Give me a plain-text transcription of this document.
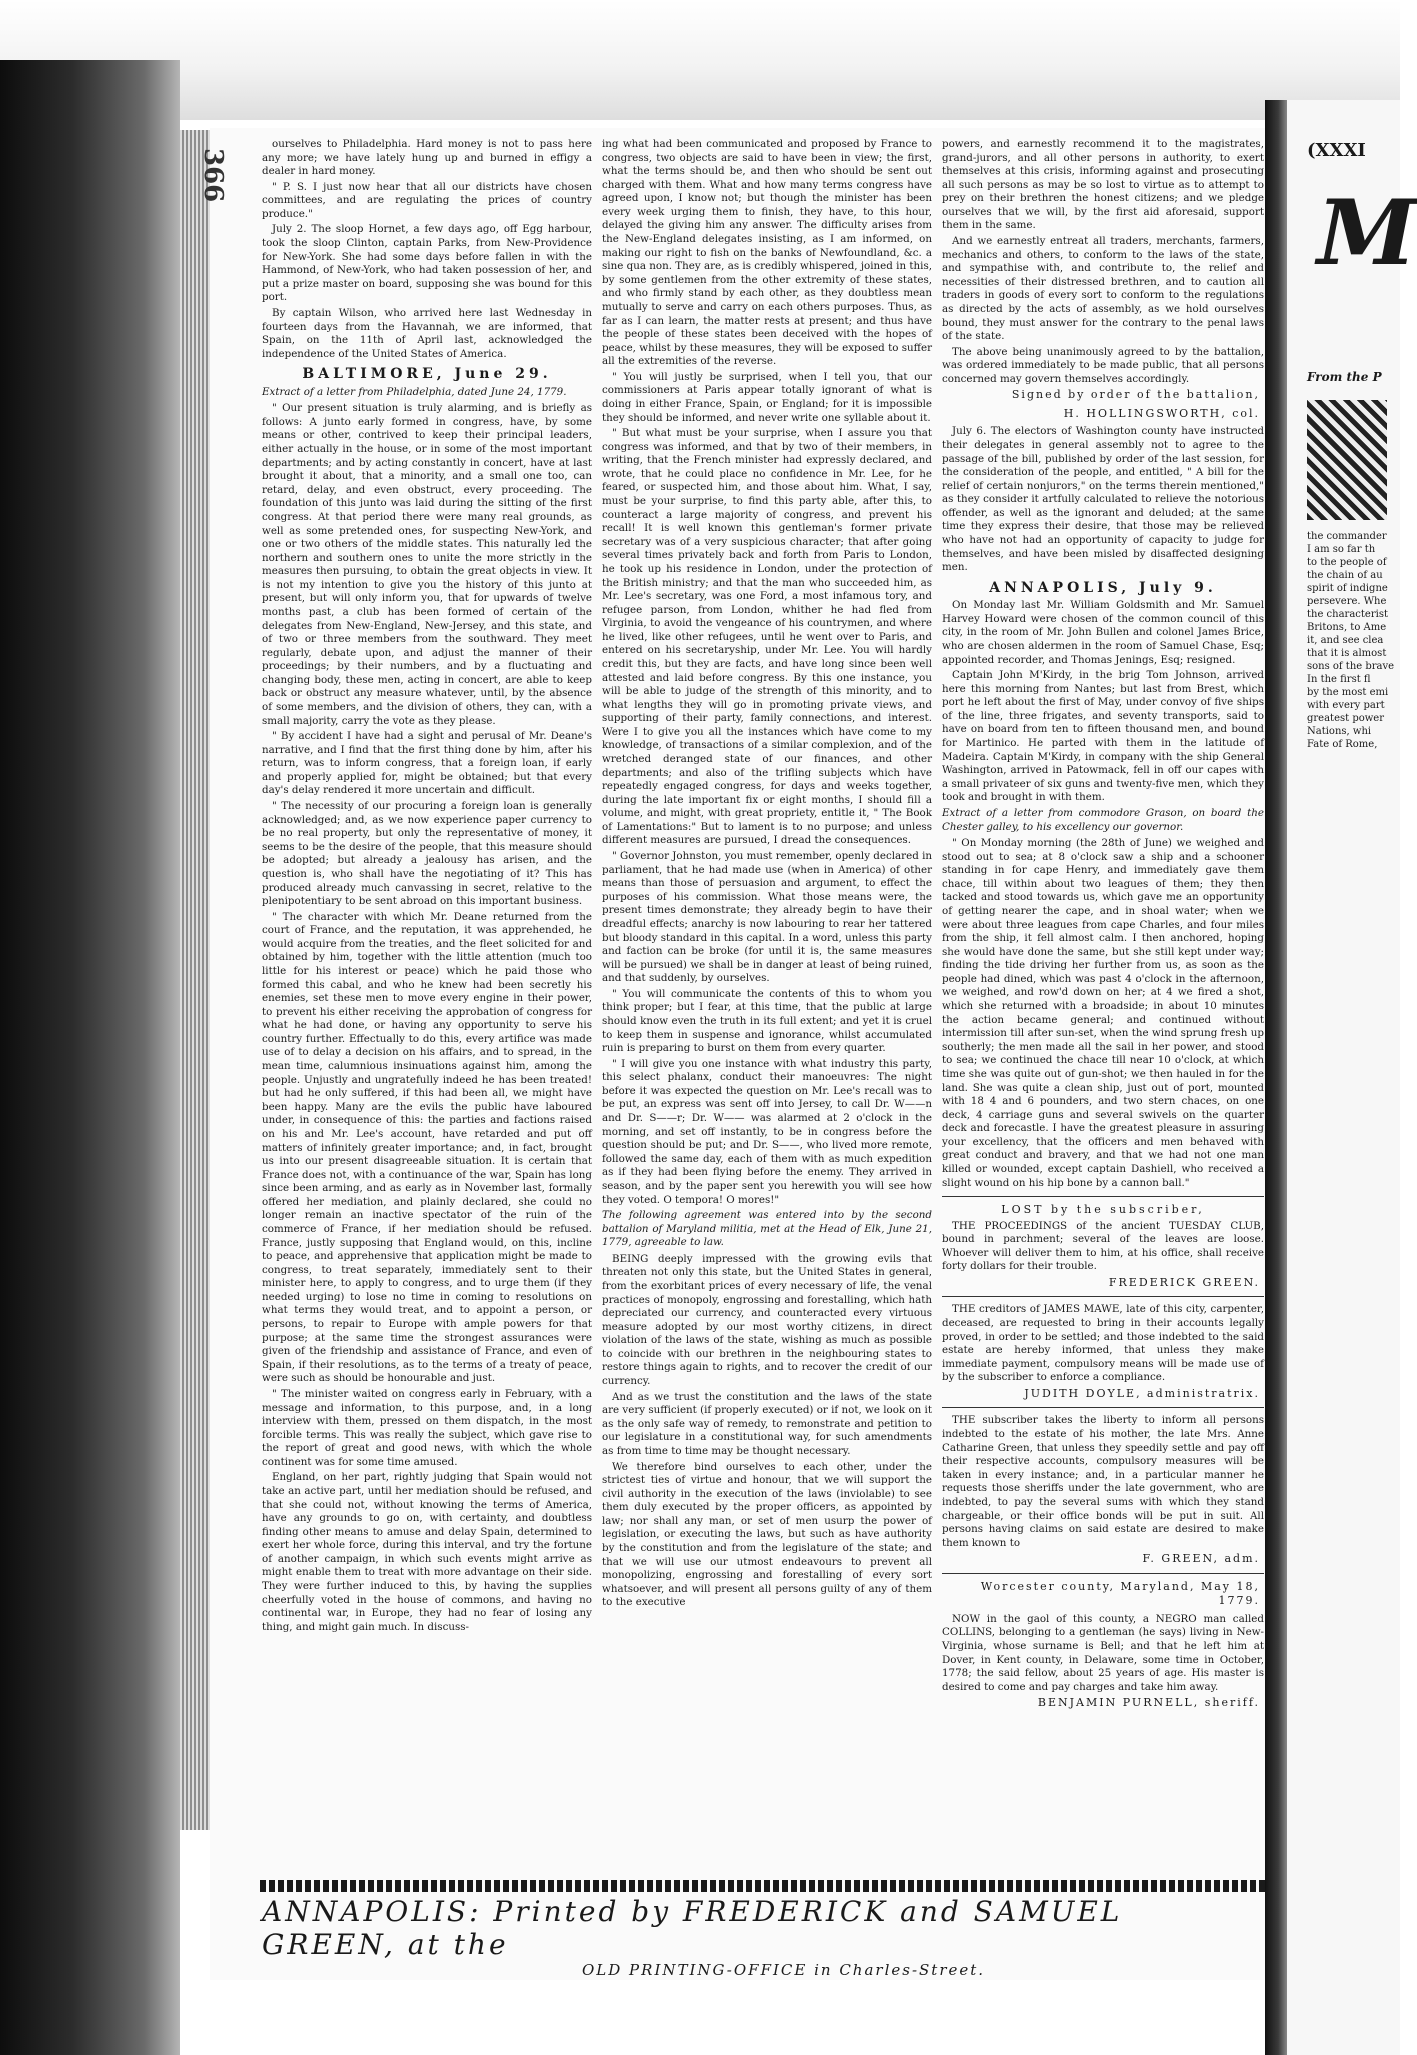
366

ourselves to Philadelphia. Hard money is not to pass here any more; we have lately hung up and burned in effigy a dealer in hard money.

" P. S. I just now hear that all our districts have chosen committees, and are regulating the prices of country produce."

July 2. The sloop Hornet, a few days ago, off Egg harbour, took the sloop Clinton, captain Parks, from New-Providence for New-York. She had some days before fallen in with the Hammond, of New-York, who had taken possession of her, and put a prize master on board, supposing she was bound for this port.

By captain Wilson, who arrived here last Wednesday in fourteen days from the Havannah, we are informed, that Spain, on the 11th of April last, acknowledged the independence of the United States of America.

BALTIMORE, June 29.
Extract of a letter from Philadelphia, dated June 24, 1779.

" Our present situation is truly alarming, and is briefly as follows: A junto early formed in congress, have, by some means or other, contrived to keep their principal leaders, either actually in the house, or in some of the most important departments; and by acting constantly in concert, have at last brought it about, that a minority, and a small one too, can retard, delay, and even obstruct, every proceeding. The foundation of this junto was laid during the sitting of the first congress. At that period there were many real grounds, as well as some pretended ones, for suspecting New-York, and one or two others of the middle states. This naturally led the northern and southern ones to unite the more strictly in the measures then pursuing, to obtain the great objects in view. It is not my intention to give you the history of this junto at present, but will only inform you, that for upwards of twelve months past, a club has been formed of certain of the delegates from New-England, New-Jersey, and this state, and of two or three members from the southward. They meet regularly, debate upon, and adjust the manner of their proceedings; by their numbers, and by a fluctuating and changing body, these men, acting in concert, are able to keep back or obstruct any measure whatever, until, by the absence of some members, and the division of others, they can, with a small majority, carry the vote as they please.

" By accident I have had a sight and perusal of Mr. Deane's narrative, and I find that the first thing done by him, after his return, was to inform congress, that a foreign loan, if early and properly applied for, might be obtained; but that every day's delay rendered it more uncertain and difficult.

" The necessity of our procuring a foreign loan is generally acknowledged; and, as we now experience paper currency to be no real property, but only the representative of money, it seems to be the desire of the people, that this measure should be adopted; but already a jealousy has arisen, and the question is, who shall have the negotiating of it? This has produced already much canvassing in secret, relative to the plenipotentiary to be sent abroad on this important business.

" The character with which Mr. Deane returned from the court of France, and the reputation, it was apprehended, he would acquire from the treaties, and the fleet solicited for and obtained by him, together with the little attention (much too little for his interest or peace) which he paid those who formed this cabal, and who he knew had been secretly his enemies, set these men to move every engine in their power, to prevent his either receiving the approbation of congress for what he had done, or having any opportunity to serve his country further. Effectually to do this, every artifice was made use of to delay a decision on his affairs, and to spread, in the mean time, calumnious insinuations against him, among the people. Unjustly and ungratefully indeed he has been treated! but had he only suffered, if this had been all, we might have been happy. Many are the evils the public have laboured under, in consequence of this: the parties and factions raised on his and Mr. Lee's account, have retarded and put off matters of infinitely greater importance; and, in fact, brought us into our present disagreeable situation. It is certain that France does not, with a continuance of the war, Spain has long since been arming, and as early as in November last, formally offered her mediation, and plainly declared, she could no longer remain an inactive spectator of the ruin of the commerce of France, if her mediation should be refused. France, justly supposing that England would, on this, incline to peace, and apprehensive that application might be made to congress, to treat separately, immediately sent to their minister here, to apply to congress, and to urge them (if they needed urging) to lose no time in coming to resolutions on what terms they would treat, and to appoint a person, or persons, to repair to Europe with ample powers for that purpose; at the same time the strongest assurances were given of the friendship and assistance of France, and even of Spain, if their resolutions, as to the terms of a treaty of peace, were such as should be honourable and just.

" The minister waited on congress early in February, with a message and information, to this purpose, and, in a long interview with them, pressed on them dispatch, in the most forcible terms. This was really the subject, which gave rise to the report of great and good news, with which the whole continent was for some time amused.

England, on her part, rightly judging that Spain would not take an active part, until her mediation should be refused, and that she could not, without knowing the terms of America, have any grounds to go on, with certainty, and doubtless finding other means to amuse and delay Spain, determined to exert her whole force, during this interval, and try the fortune of another campaign, in which such events might arrive as might enable them to treat with more advantage on their side. They were further induced to this, by having the supplies cheerfully voted in the house of commons, and having no continental war, in Europe, they had no fear of losing any thing, and might gain much. In discuss-

ing what had been communicated and proposed by France to congress, two objects are said to have been in view; the first, what the terms should be, and then who should be sent out charged with them. What and how many terms congress have agreed upon, I know not; but though the minister has been every week urging them to finish, they have, to this hour, delayed the giving him any answer. The difficulty arises from the New-England delegates insisting, as I am informed, on making our right to fish on the banks of Newfoundland, &c. a sine qua non. They are, as is credibly whispered, joined in this, by some gentlemen from the other extremity of these states, and who firmly stand by each other, as they doubtless mean mutually to serve and carry on each others purposes. Thus, as far as I can learn, the matter rests at present; and thus have the people of these states been deceived with the hopes of peace, whilst by these measures, they will be exposed to suffer all the extremities of the reverse.

" You will justly be surprised, when I tell you, that our commissioners at Paris appear totally ignorant of what is doing in either France, Spain, or England; for it is impossible they should be informed, and never write one syllable about it.

" But what must be your surprise, when I assure you that congress was informed, and that by two of their members, in writing, that the French minister had expressly declared, and wrote, that he could place no confidence in Mr. Lee, for he feared, or suspected him, and those about him. What, I say, must be your surprise, to find this party able, after this, to counteract a large majority of congress, and prevent his recall! It is well known this gentleman's former private secretary was of a very suspicious character; that after going several times privately back and forth from Paris to London, he took up his residence in London, under the protection of the British ministry; and that the man who succeeded him, as Mr. Lee's secretary, was one Ford, a most infamous tory, and refugee parson, from London, whither he had fled from Virginia, to avoid the vengeance of his countrymen, and where he lived, like other refugees, until he went over to Paris, and entered on his secretaryship, under Mr. Lee. You will hardly credit this, but they are facts, and have long since been well attested and laid before congress. By this one instance, you will be able to judge of the strength of this minority, and to what lengths they will go in promoting private views, and supporting of their party, family connections, and interest. Were I to give you all the instances which have come to my knowledge, of transactions of a similar complexion, and of the wretched deranged state of our finances, and other departments; and also of the trifling subjects which have repeatedly engaged congress, for days and weeks together, during the late important fix or eight months, I should fill a volume, and might, with great propriety, entitle it, " The Book of Lamentations:" But to lament is to no purpose; and unless different measures are pursued, I dread the consequences.

" Governor Johnston, you must remember, openly declared in parliament, that he had made use (when in America) of other means than those of persuasion and argument, to effect the purposes of his commission. What those means were, the present times demonstrate; they already begin to have their dreadful effects; anarchy is now labouring to rear her tattered but bloody standard in this capital. In a word, unless this party and faction can be broke (for until it is, the same measures will be pursued) we shall be in danger at least of being ruined, and that suddenly, by ourselves.

" You will communicate the contents of this to whom you think proper; but I fear, at this time, that the public at large should know even the truth in its full extent; and yet it is cruel to keep them in suspense and ignorance, whilst accumulated ruin is preparing to burst on them from every quarter.

" I will give you one instance with what industry this party, this select phalanx, conduct their manoeuvres: The night before it was expected the question on Mr. Lee's recall was to be put, an express was sent off into Jersey, to call Dr. W——n and Dr. S——r; Dr. W—— was alarmed at 2 o'clock in the morning, and set off instantly, to be in congress before the question should be put; and Dr. S——, who lived more remote, followed the same day, each of them with as much expedition as if they had been flying before the enemy. They arrived in season, and by the paper sent you herewith you will see how they voted. O tempora! O mores!"

The following agreement was entered into by the second battalion of Maryland militia, met at the Head of Elk, June 21, 1779, agreeable to law.

BEING deeply impressed with the growing evils that threaten not only this state, but the United States in general, from the exorbitant prices of every necessary of life, the venal practices of monopoly, engrossing and forestalling, which hath depreciated our currency, and counteracted every virtuous measure adopted by our most worthy citizens, in direct violation of the laws of the state, wishing as much as possible to coincide with our brethren in the neighbouring states to restore things again to rights, and to recover the credit of our currency.

And as we trust the constitution and the laws of the state are very sufficient (if properly executed) or if not, we look on it as the only safe way of remedy, to remonstrate and petition to our legislature in a constitutional way, for such amendments as from time to time may be thought necessary.

We therefore bind ourselves to each other, under the strictest ties of virtue and honour, that we will support the civil authority in the execution of the laws (inviolable) to see them duly executed by the proper officers, as appointed by law; nor shall any man, or set of men usurp the power of legislation, or executing the laws, but such as have authority by the constitution and from the legislature of the state; and that we will use our utmost endeavours to prevent all monopolizing, engrossing and forestalling of every sort whatsoever, and will present all persons guilty of any of them to the executive

powers, and earnestly recommend it to the magistrates, grand-jurors, and all other persons in authority, to exert themselves at this crisis, informing against and prosecuting all such persons as may be so lost to virtue as to attempt to prey on their brethren the honest citizens; and we pledge ourselves that we will, by the first aid aforesaid, support them in the same.

And we earnestly entreat all traders, merchants, farmers, mechanics and others, to conform to the laws of the state, and sympathise with, and contribute to, the relief and necessities of their distressed brethren, and to caution all traders in goods of every sort to conform to the regulations as directed by the acts of assembly, as we hold ourselves bound, they must answer for the contrary to the penal laws of the state.

The above being unanimously agreed to by the battalion, was ordered immediately to be made public, that all persons concerned may govern themselves accordingly.

Signed by order of the battalion,
H. HOLLINGSWORTH, col.

July 6. The electors of Washington county have instructed their delegates in general assembly not to agree to the passage of the bill, published by order of the last session, for the consideration of the people, and entitled, " A bill for the relief of certain nonjurors," on the terms therein mentioned," as they consider it artfully calculated to relieve the notorious offender, as well as the ignorant and deluded; at the same time they express their desire, that those may be relieved who have not had an opportunity of capacity to judge for themselves, and have been misled by disaffected designing men.

ANNAPOLIS, July 9.

On Monday last Mr. William Goldsmith and Mr. Samuel Harvey Howard were chosen of the common council of this city, in the room of Mr. John Bullen and colonel James Brice, who are chosen aldermen in the room of Samuel Chase, Esq; appointed recorder, and Thomas Jenings, Esq; resigned.

Captain John M'Kirdy, in the brig Tom Johnson, arrived here this morning from Nantes; but last from Brest, which port he left about the first of May, under convoy of five ships of the line, three frigates, and seventy transports, said to have on board from ten to fifteen thousand men, and bound for Martinico. He parted with them in the latitude of Madeira. Captain M'Kirdy, in company with the ship General Washington, arrived in Patowmack, fell in off our capes with a small privateer of six guns and twenty-five men, which they took and brought in with them.

Extract of a letter from commodore Grason, on board the Chester galley, to his excellency our governor.

" On Monday morning (the 28th of June) we weighed and stood out to sea; at 8 o'clock saw a ship and a schooner standing in for cape Henry, and immediately gave them chace, till within about two leagues of them; they then tacked and stood towards us, which gave me an opportunity of getting nearer the cape, and in shoal water; when we were about three leagues from cape Charles, and four miles from the ship, it fell almost calm. I then anchored, hoping she would have done the same, but she still kept under way; finding the tide driving her further from us, as soon as the people had dined, which was past 4 o'clock in the afternoon, we weighed, and row'd down on her; at 4 we fired a shot, which she returned with a broadside; in about 10 minutes the action became general; and continued without intermission till after sun-set, when the wind sprung fresh up southerly; the men made all the sail in her power, and stood to sea; we continued the chace till near 10 o'clock, at which time she was quite out of gun-shot; we then hauled in for the land. She was quite a clean ship, just out of port, mounted with 18 4 and 6 pounders, and two stern chaces, on one deck, 4 carriage guns and several swivels on the quarter deck and forecastle. I have the greatest pleasure in assuring your excellency, that the officers and men behaved with great conduct and bravery, and that we had not one man killed or wounded, except captain Dashiell, who received a slight wound on his hip bone by a cannon ball."

LOST by the subscriber,

THE PROCEEDINGS of the ancient TUESDAY CLUB, bound in parchment; several of the leaves are loose. Whoever will deliver them to him, at his office, shall receive forty dollars for their trouble.

FREDERICK GREEN.

THE creditors of JAMES MAWE, late of this city, carpenter, deceased, are requested to bring in their accounts legally proved, in order to be settled; and those indebted to the said estate are hereby informed, that unless they make immediate payment, compulsory means will be made use of by the subscriber to enforce a compliance.

JUDITH DOYLE, administratrix.

THE subscriber takes the liberty to inform all persons indebted to the estate of his mother, the late Mrs. Anne Catharine Green, that unless they speedily settle and pay off their respective accounts, compulsory measures will be taken in every instance; and, in a particular manner he requests those sheriffs under the late government, who are indebted, to pay the several sums with which they stand chargeable, or their office bonds will be put in suit. All persons having claims on said estate are desired to make them known to

F. GREEN, adm.
Worcester county, Maryland, May 18, 1779.

NOW in the gaol of this county, a NEGRO man called COLLINS, belonging to a gentleman (he says) living in New-Virginia, whose surname is Bell; and that he left him at Dover, in Kent county, in Delaware, some time in October, 1778; the said fellow, about 25 years of age. His master is desired to come and pay charges and take him away.

BENJAMIN PURNELL, sheriff.
ANNAPOLIS: Printed by FREDERICK and SAMUEL GREEN, at the
OLD PRINTING-OFFICE in Charles-Street.
(XXXI
M
From the P
the commander
I am so far th
to the people of
the chain of au
spirit of indigne
persevere. Whe
the characterist
Britons, to Ame
it, and see clea
that it is almost
sons of the brave
In the first fl
by the most emi
with every part
greatest power
Nations, whi
Fate of Rome,
